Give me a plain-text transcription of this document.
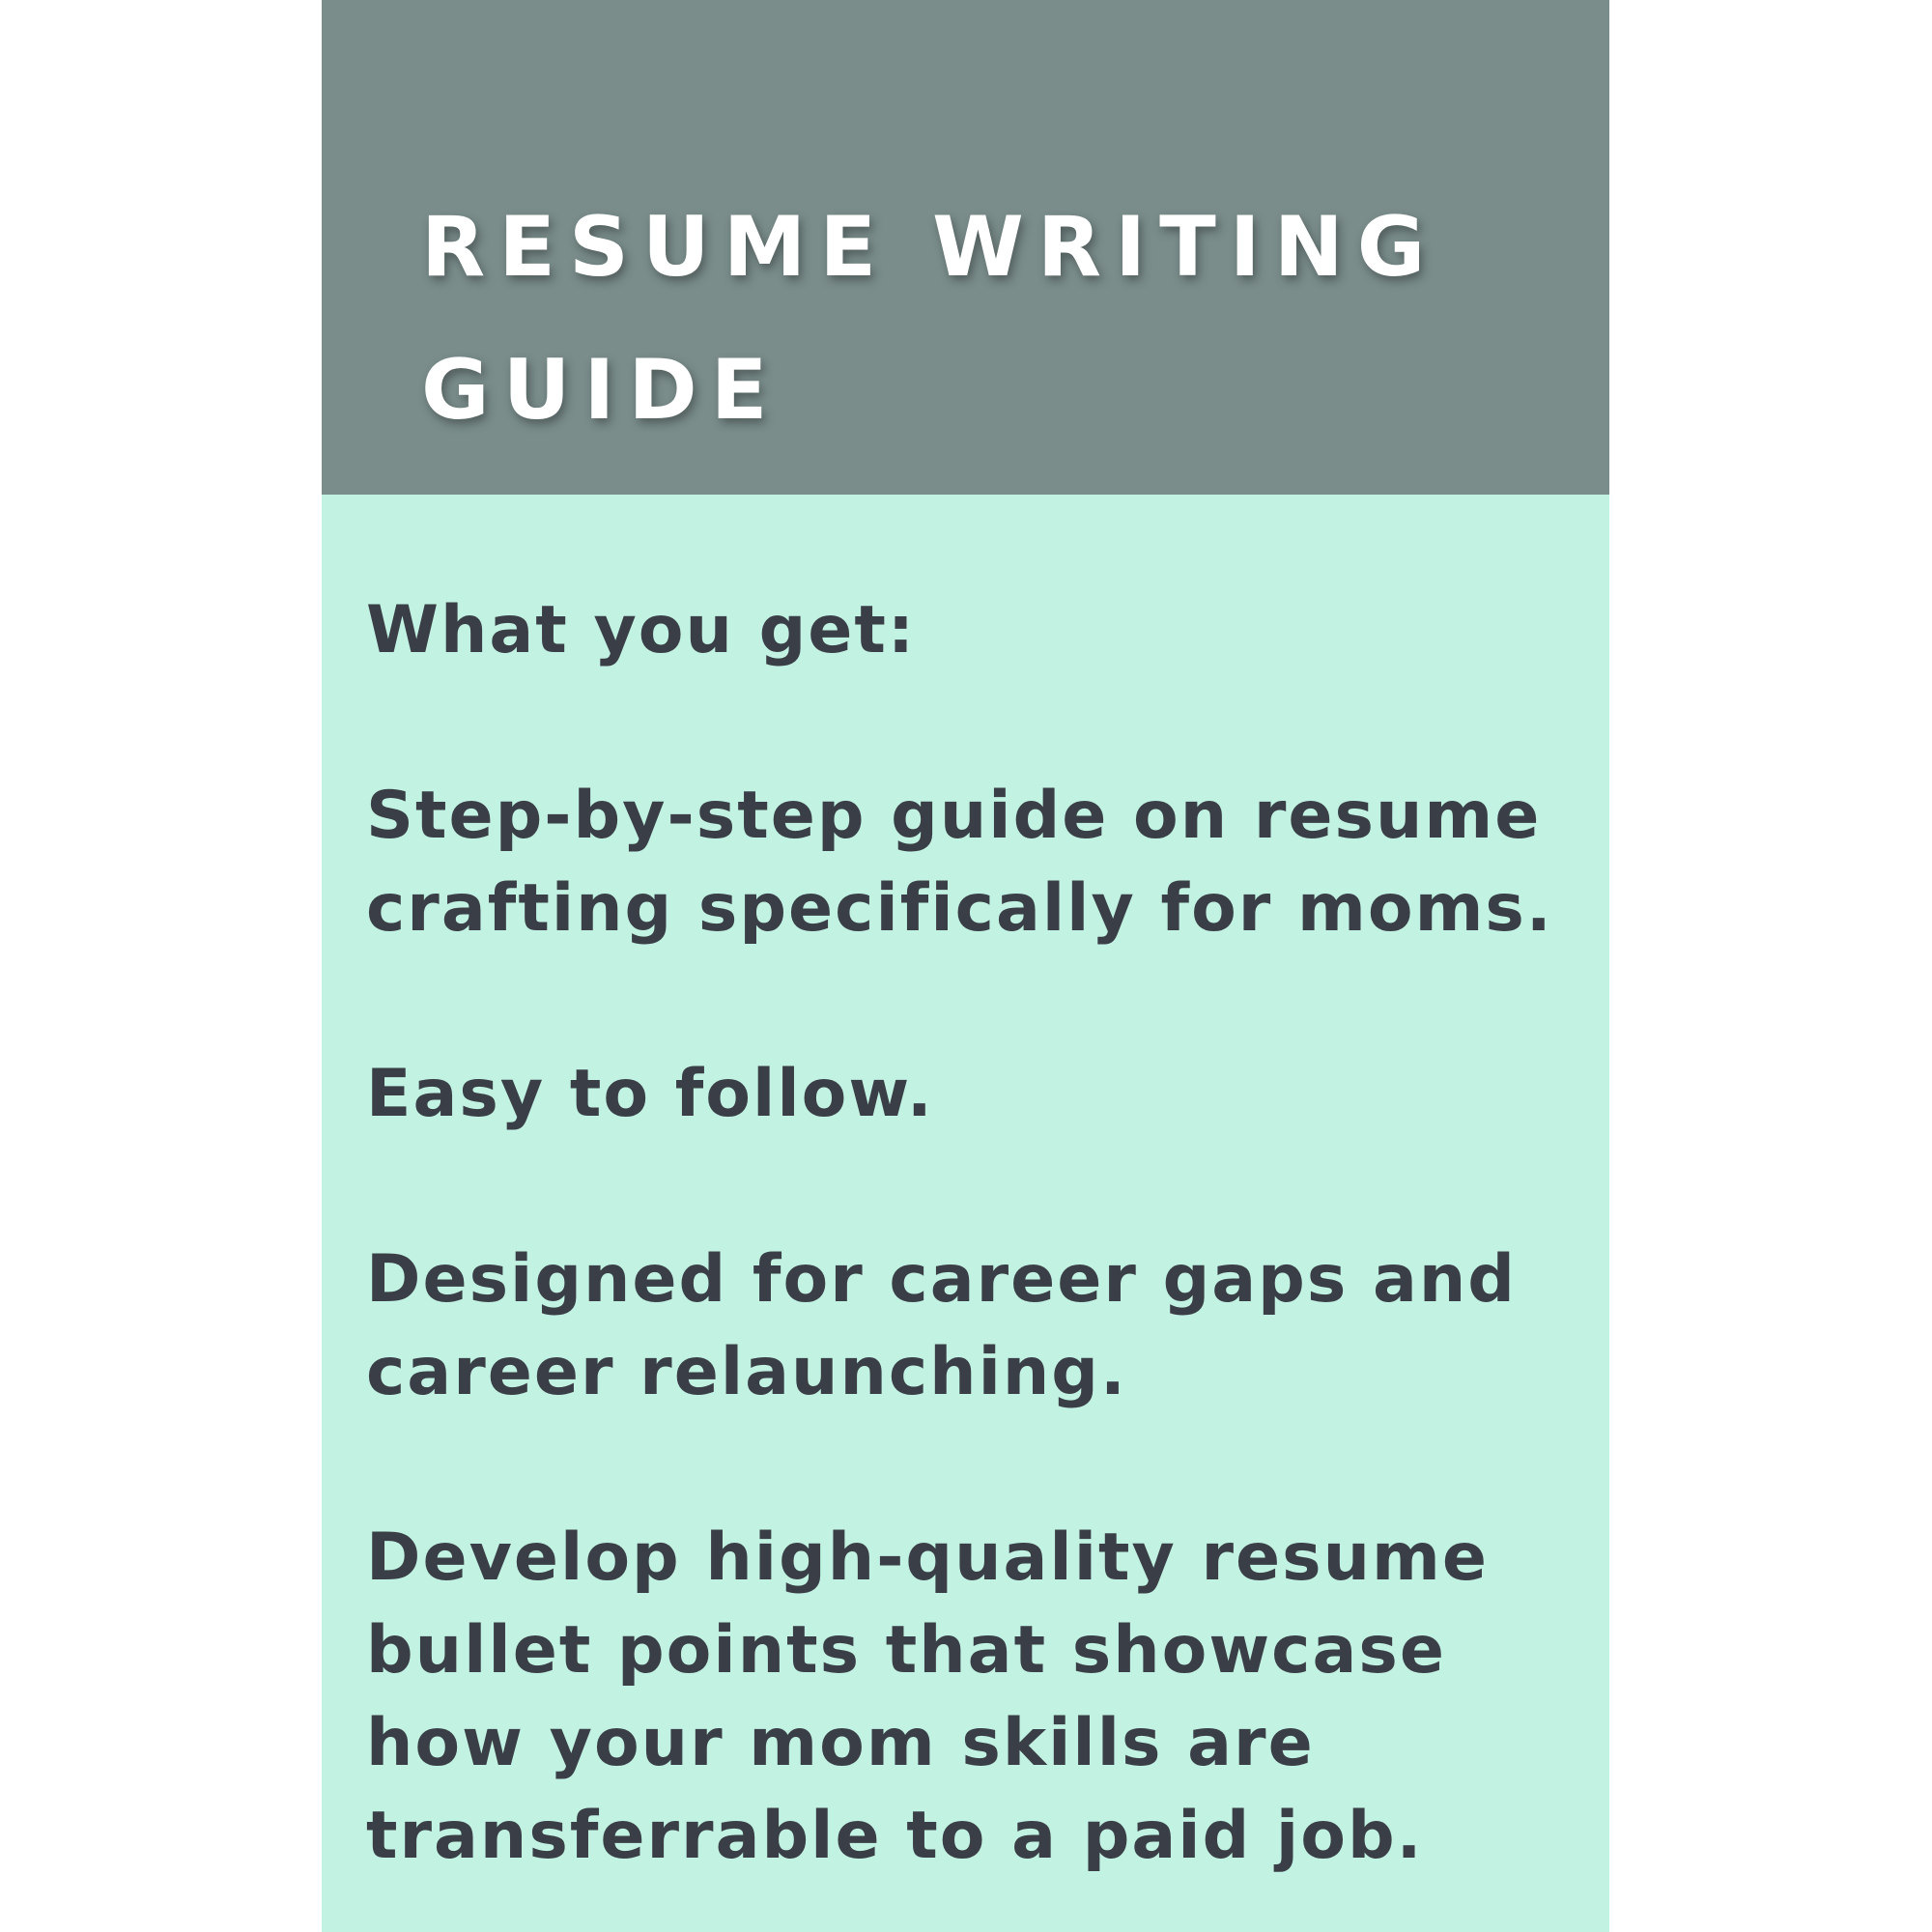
RESUME WRITING
GUIDE

What you get:

Step-by-step guide on resume crafting specifically for moms.

Easy to follow.

Designed for career gaps and career relaunching.

Develop high-quality resume bullet points that showcase how your mom skills are transferrable to a paid job.
